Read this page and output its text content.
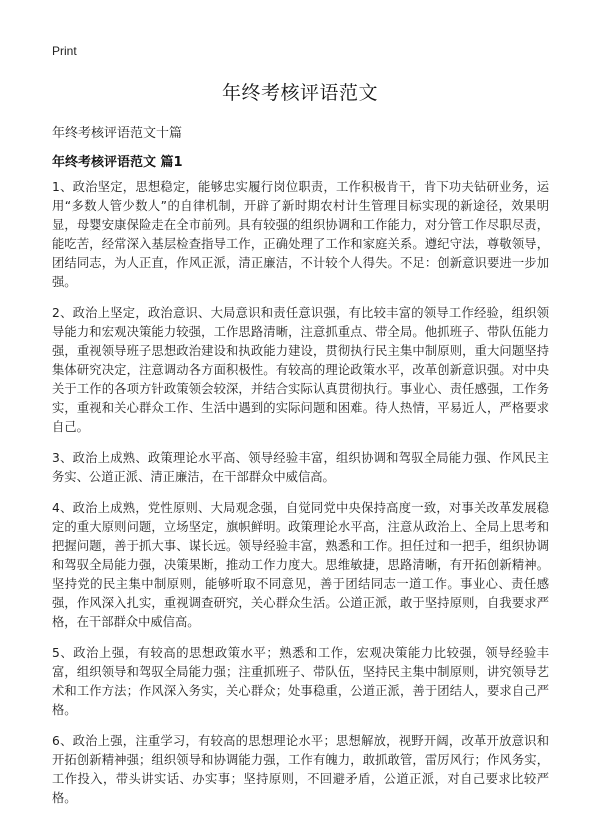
Print
年终考核评语范文
年终考核评语范文十篇
年终考核评语范文 篇1

1、政治坚定，思想稳定，能够忠实履行岗位职责，工作积极肯干，肯下功夫钻研业务，运用“多数人管少数人”的自律机制，开辟了新时期农村计生管理目标实现的新途径，效果明显，母婴安康保险走在全市前列。具有较强的组织协调和工作能力，对分管工作尽职尽责，能吃苦，经常深入基层检查指导工作，正确处理了工作和家庭关系。遵纪守法，尊敬领导，团结同志，为人正直，作风正派，清正廉洁，不计较个人得失。不足：创新意识要进一步加强。

2、政治上坚定，政治意识、大局意识和责任意识强，有比较丰富的领导工作经验，组织领导能力和宏观决策能力较强，工作思路清晰，注意抓重点、带全局。他抓班子、带队伍能力强，重视领导班子思想政治建设和执政能力建设，贯彻执行民主集中制原则，重大问题坚持集体研究决定，注意调动各方面积极性。有较高的理论政策水平，改革创新意识强。对中央关于工作的各项方针政策领会较深，并结合实际认真贯彻执行。事业心、责任感强，工作务实，重视和关心群众工作、生活中遇到的实际问题和困难。待人热情，平易近人，严格要求自己。

3、政治上成熟、政策理论水平高、领导经验丰富，组织协调和驾驭全局能力强、作风民主务实、公道正派、清正廉洁，在干部群众中威信高。

4、政治上成熟，党性原则、大局观念强，自觉同党中央保持高度一致，对事关改革发展稳定的重大原则问题，立场坚定，旗帜鲜明。政策理论水平高，注意从政治上、全局上思考和把握问题，善于抓大事、谋长远。领导经验丰富，熟悉和工作。担任过和一把手，组织协调和驾驭全局能力强，决策果断，推动工作力度大。思维敏捷，思路清晰，有开拓创新精神。坚持党的民主集中制原则，能够听取不同意见，善于团结同志一道工作。事业心、责任感强，作风深入扎实，重视调查研究，关心群众生活。公道正派，敢于坚持原则，自我要求严格，在干部群众中威信高。

5、政治上强，有较高的思想政策水平；熟悉和工作，宏观决策能力比较强，领导经验丰富，组织领导和驾驭全局能力强；注重抓班子、带队伍，坚持民主集中制原则，讲究领导艺术和工作方法；作风深入务实，关心群众；处事稳重，公道正派，善于团结人，要求自己严格。

6、政治上强，注重学习，有较高的思想理论水平；思想解放，视野开阔，改革开放意识和开拓创新精神强；组织领导和协调能力强，工作有魄力，敢抓敢管，雷厉风行；作风务实，工作投入，带头讲实话、办实事；坚持原则，不回避矛盾，公道正派，对自己要求比较严格。
